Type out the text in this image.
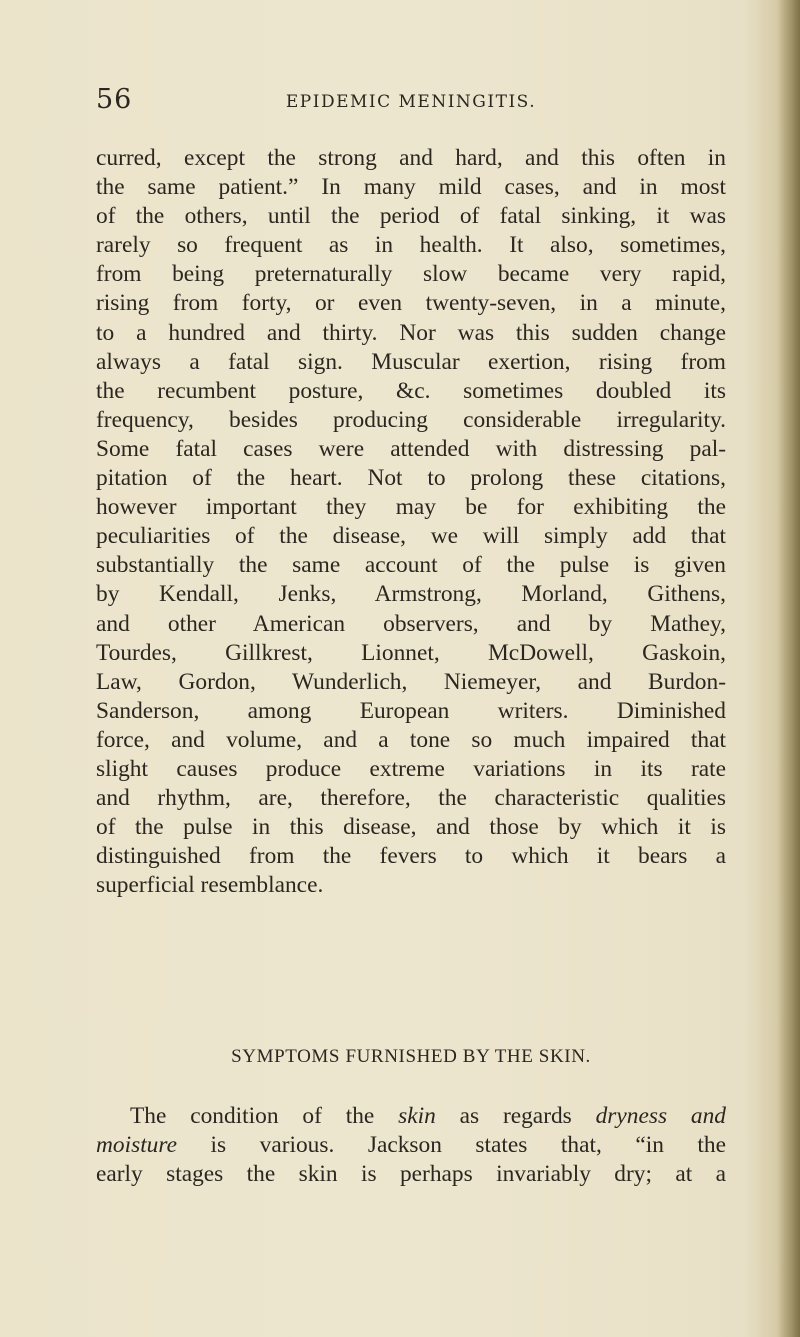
56	EPIDEMIC MENINGITIS.
curred, except the strong and hard, and this often in
the same patient.” In many mild cases, and in most
of the others, until the period of fatal sinking, it was
rarely so frequent as in health. It also, sometimes,
from being preternaturally slow became very rapid,
rising from forty, or even twenty-seven, in a minute,
to a hundred and thirty. Nor was this sudden change
always a fatal sign. Muscular exertion, rising from
the recumbent posture, &c. sometimes doubled its
frequency, besides producing considerable irregularity.
Some fatal cases were attended with distressing pal-
pitation of the heart. Not to prolong these citations,
however important they may be for exhibiting the
peculiarities of the disease, we will simply add that
substantially the same account of the pulse is given
by Kendall, Jenks, Armstrong, Morland, Githens,
and other American observers, and by Mathey,
Tourdes, Gillkrest, Lionnet, McDowell, Gaskoin,
Law, Gordon, Wunderlich, Niemeyer, and Burdon-
Sanderson, among European writers. Diminished
force, and volume, and a tone so much impaired that
slight causes produce extreme variations in its rate
and rhythm, are, therefore, the characteristic qualities
of the pulse in this disease, and those by which it is
distinguished from the fevers to which it bears a
superficial resemblance.
SYMPTOMS FURNISHED BY THE SKIN.
The condition of the skin as regards dryness and
moisture is various. Jackson states that, “in the
early stages the skin is perhaps invariably dry; at a
